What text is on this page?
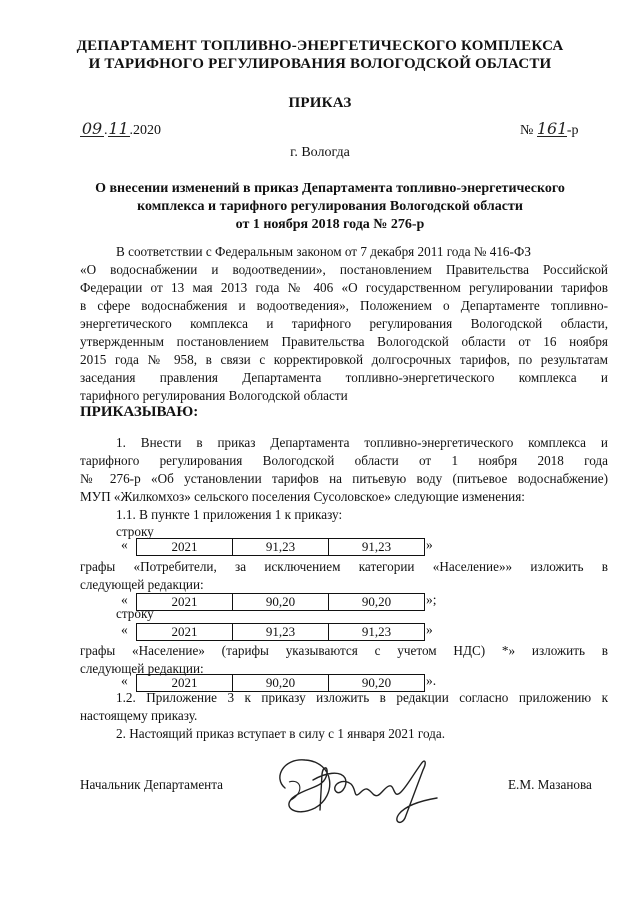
ДЕПАРТАМЕНТ ТОПЛИВНО-ЭНЕРГЕТИЧЕСКОГО КОМПЛЕКСА
И ТАРИФНОГО РЕГУЛИРОВАНИЯ ВОЛОГОДСКОЙ ОБЛАСТИ
ПРИКАЗ
09 .11.2020	№ 161-р
г. Вологда
О внесении изменений в приказ Департамента топливно-энергетического
комплекса и тарифного регулирования Вологодской области
от 1 ноября 2018 года № 276-р
В соответствии с Федеральным законом от 7 декабря 2011 года № 416-ФЗ
«О водоснабжении и водоотведении», постановлением Правительства Российской
Федерации от 13 мая 2013 года № 406 «О государственном регулировании тарифов
в сфере водоснабжения и водоотведения», Положением о Департаменте топливно-
энергетического комплекса и тарифного регулирования Вологодской области,
утвержденным постановлением Правительства Вологодской области от 16 ноября
2015 года № 958, в связи с корректировкой долгосрочных тарифов, по результатам
заседания правления Департамента топливно-энергетического комплекса и
тарифного регулирования Вологодской области
ПРИКАЗЫВАЮ:
1. Внести в приказ Департамента топливно-энергетического комплекса и
тарифного регулирования Вологодской области от 1 ноября 2018 года
№ 276-р «Об установлении тарифов на питьевую воду (питьевое водоснабжение)
МУП «Жилкомхоз» сельского поселения Сусоловское» следующие изменения:
1.1. В пункте 1 приложения 1 к приказу:
строку
«	2021	91,23	91,23	»
графы «Потребители, за исключением категории «Население»» изложить в
следующей редакции:
«	2021	90,20	90,20	»;
строку
«	2021	91,23	91,23	»
графы «Население» (тарифы указываются с учетом НДС) *» изложить в
следующей редакции:
«	2021	90,20	90,20	».
1.2. Приложение 3 к приказу изложить в редакции согласно приложению к
настоящему приказу.
2. Настоящий приказ вступает в силу с 1 января 2021 года.
Начальник Департамента	Е.М. Мазанова
